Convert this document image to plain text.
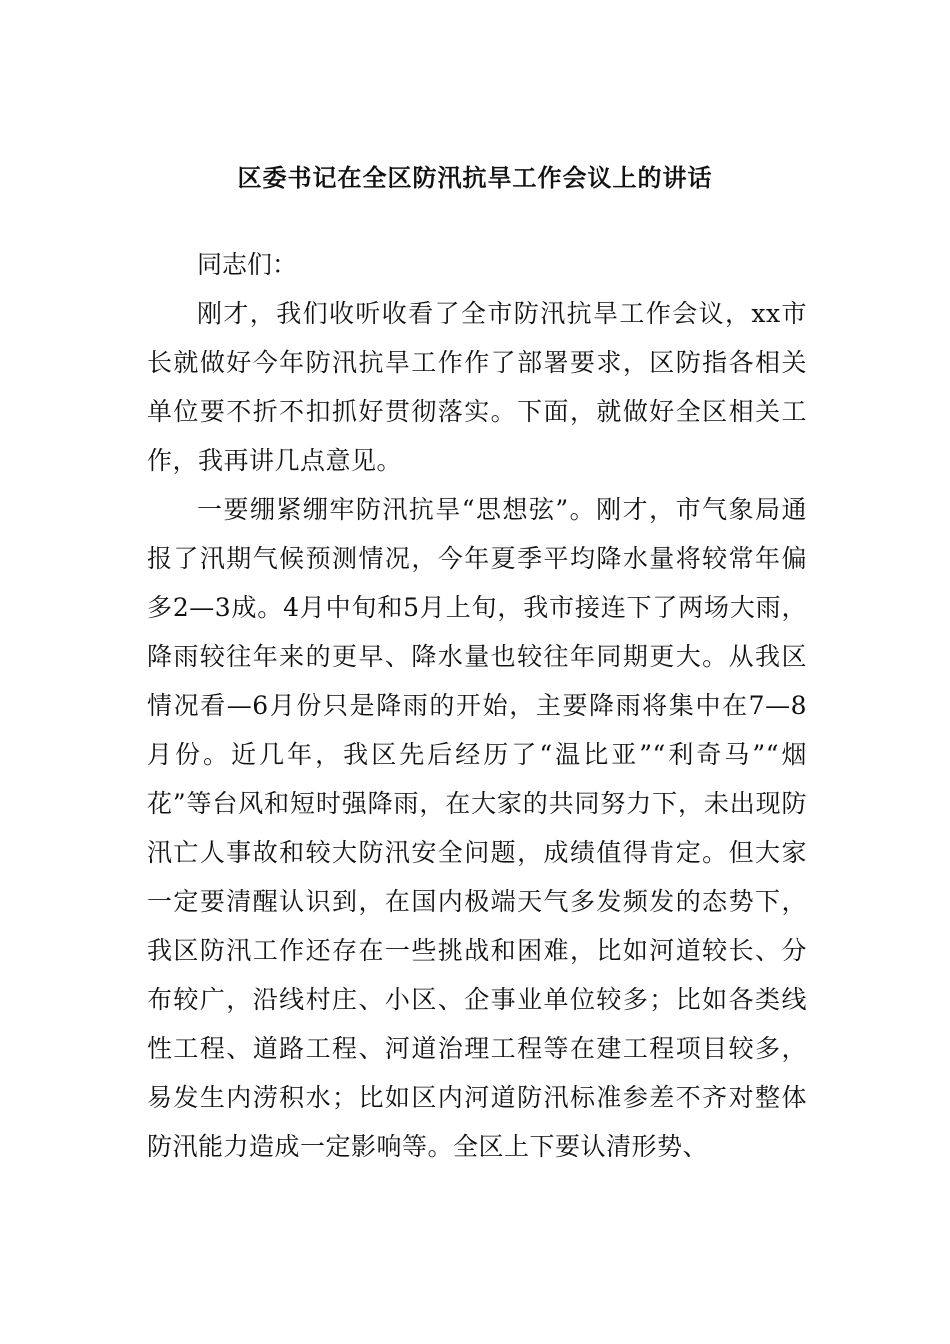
区委书记在全区防汛抗旱工作会议上的讲话

同志们：

刚才，我们收听收看了全市防汛抗旱工作会议，xx市长就做好今年防汛抗旱工作作了部署要求，区防指各相关单位要不折不扣抓好贯彻落实。下面，就做好全区相关工作，我再讲几点意见。

一要绷紧绷牢防汛抗旱“思想弦”。刚才，市气象局通报了汛期气候预测情况，今年夏季平均降水量将较常年偏多2—3成。4月中旬和5月上旬，我市接连下了两场大雨，降雨较往年来的更早、降水量也较往年同期更大。从我区情况看—6月份只是降雨的开始，主要降雨将集中在7—8月份。近几年，我区先后经历了“温比亚”“利奇马”“烟花”等台风和短时强降雨，在大家的共同努力下，未出现防汛亡人事故和较大防汛安全问题，成绩值得肯定。但大家一定要清醒认识到，在国内极端天气多发频发的态势下，我区防汛工作还存在一些挑战和困难，比如河道较长、分布较广，沿线村庄、小区、企事业单位较多；比如各类线性工程、道路工程、河道治理工程等在建工程项目较多，易发生内涝积水；比如区内河道防汛标准参差不齐对整体防汛能力造成一定影响等。全区上下要认清形势、
